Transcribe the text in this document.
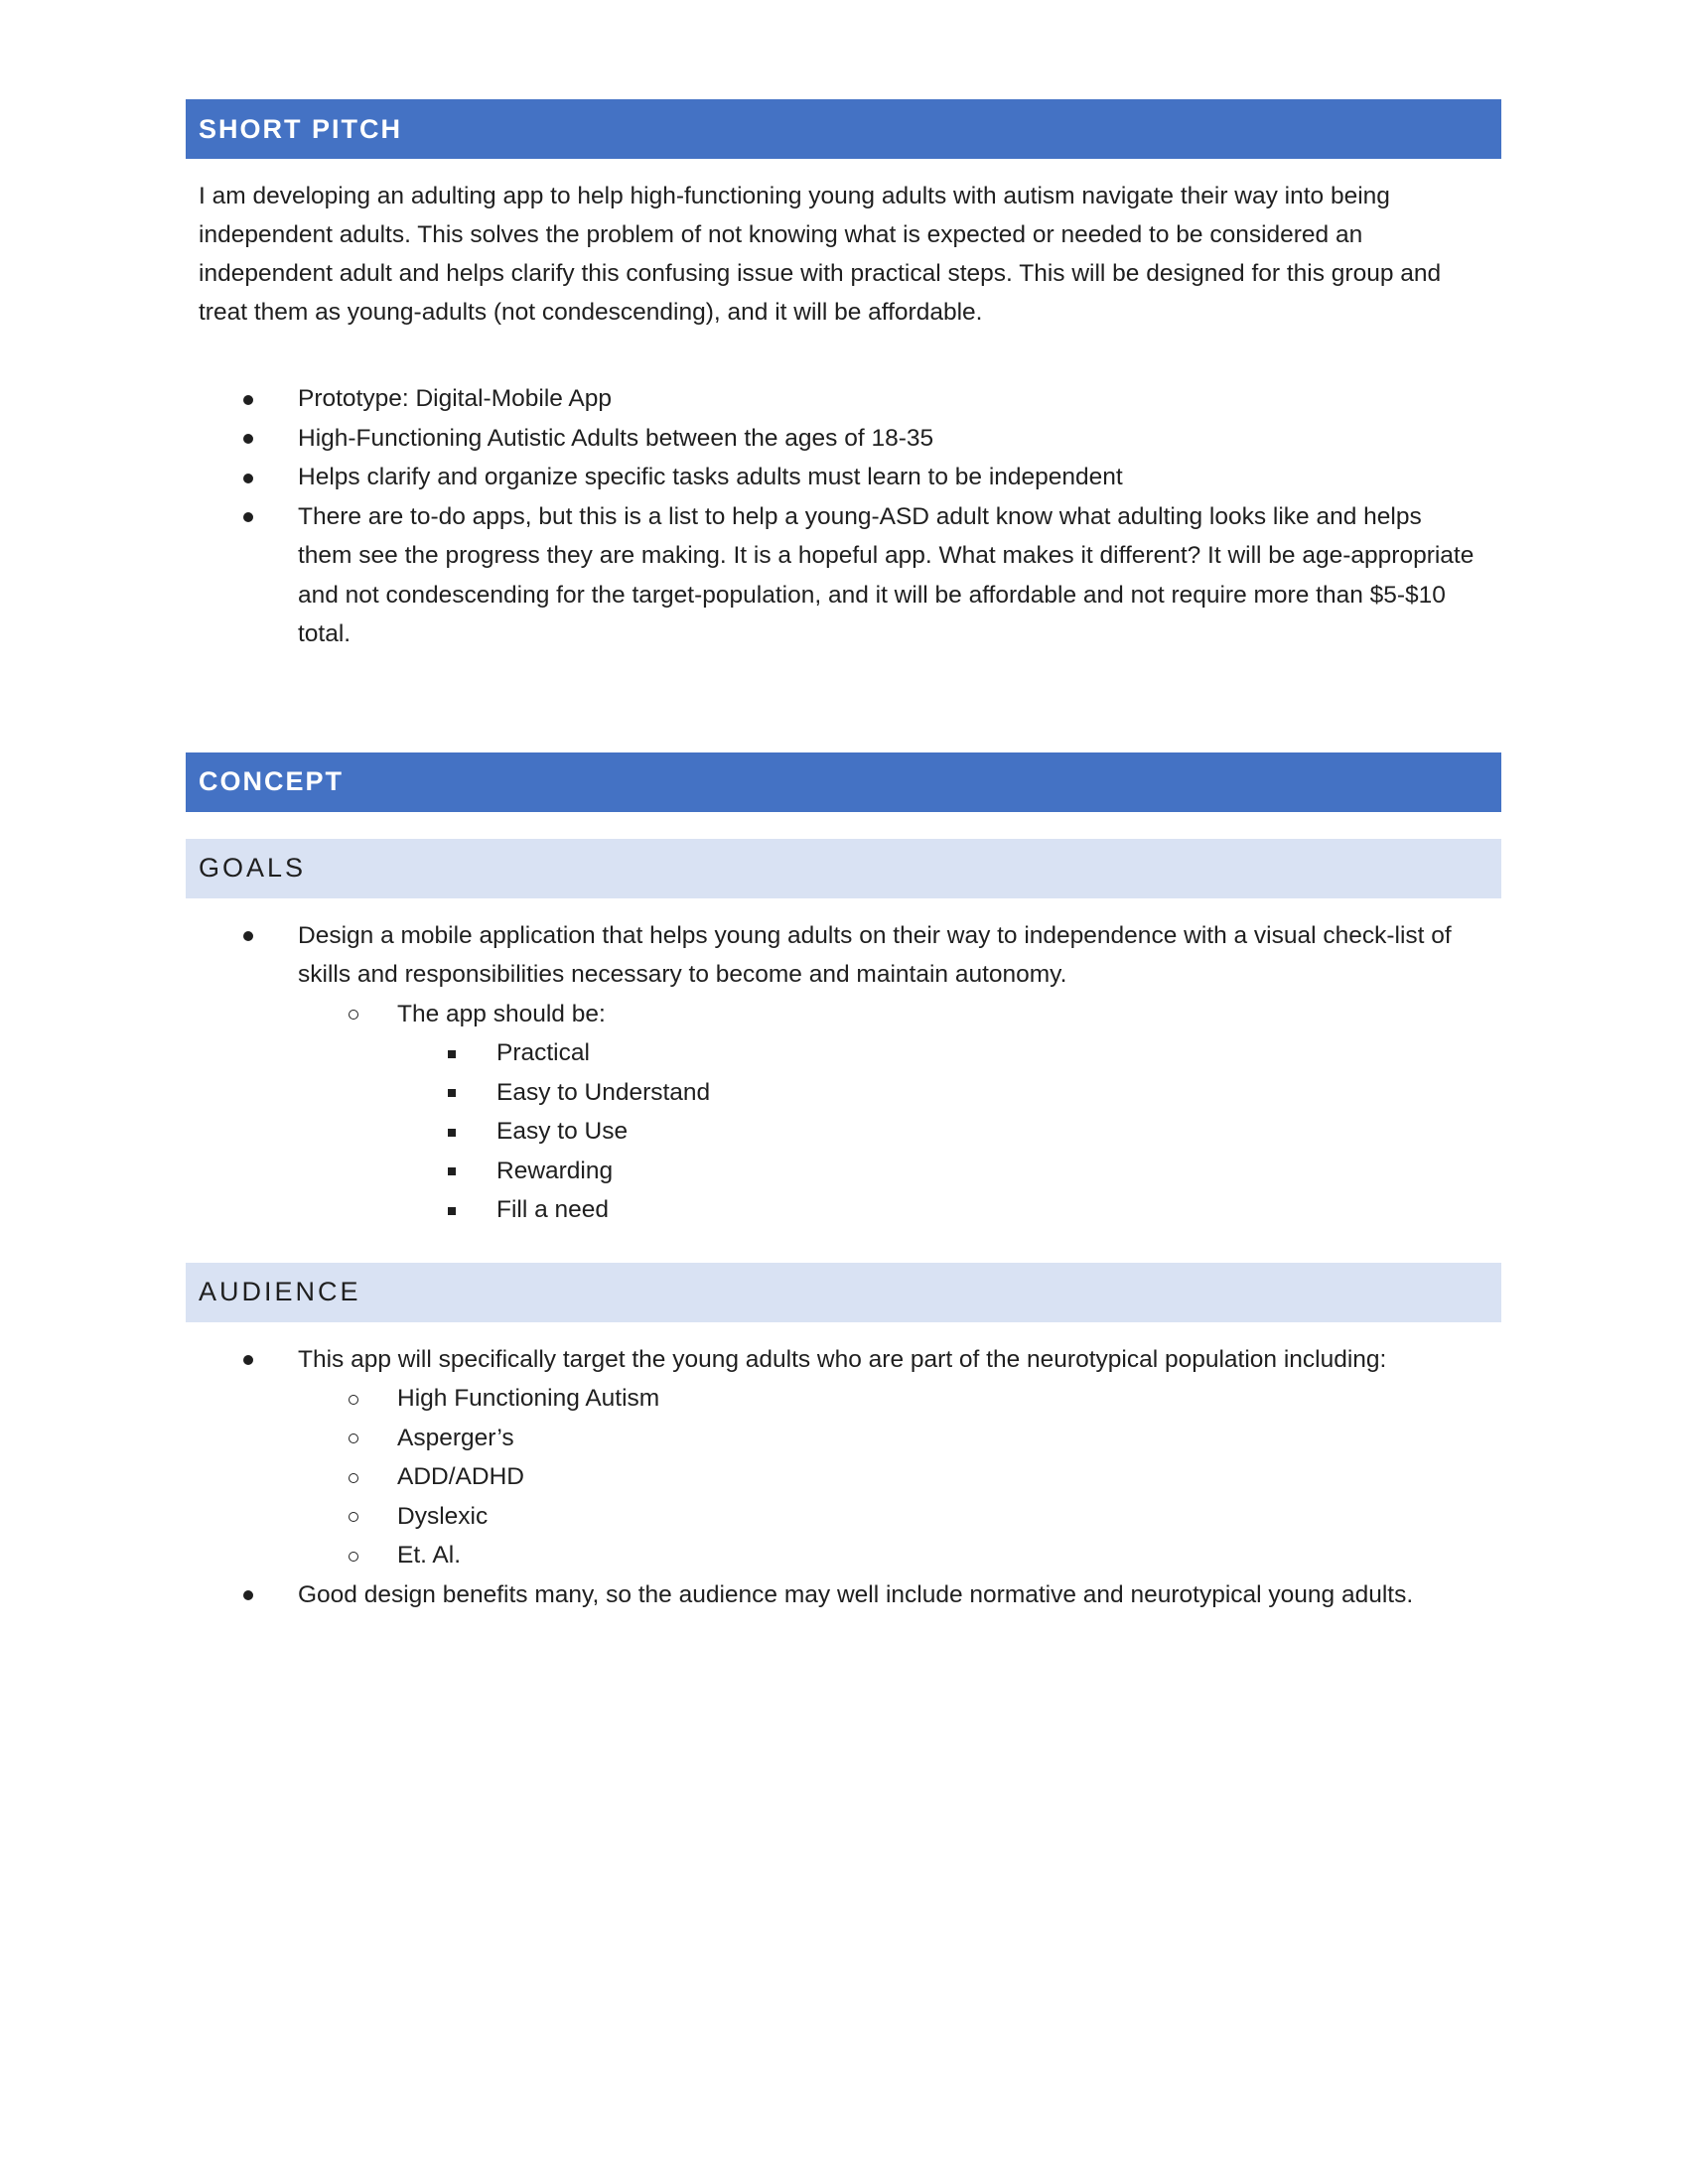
SHORT PITCH

I am developing an adulting app to help high-functioning young adults with autism navigate their way into being independent adults. This solves the problem of not knowing what is expected or needed to be considered an independent adult and helps clarify this confusing issue with practical steps. This will be designed for this group and treat them as young-adults (not condescending), and it will be affordable.

Prototype: Digital-Mobile App
High-Functioning Autistic Adults between the ages of 18-35
Helps clarify and organize specific tasks adults must learn to be independent
There are to-do apps, but this is a list to help a young-ASD adult know what adulting looks like and helps them see the progress they are making. It is a hopeful app. What makes it different? It will be age-appropriate and not condescending for the target-population, and it will be affordable and not require more than $5-$10 total.
CONCEPT
GOALS
Design a mobile application that helps young adults on their way to independence with a visual check-list of skills and responsibilities necessary to become and maintain autonomy.
The app should be:
Practical
Easy to Understand
Easy to Use
Rewarding
Fill a need
AUDIENCE
This app will specifically target the young adults who are part of the neurotypical population including:
High Functioning Autism
Asperger’s
ADD/ADHD
Dyslexic
Et. Al.
Good design benefits many, so the audience may well include normative and neurotypical young adults.
